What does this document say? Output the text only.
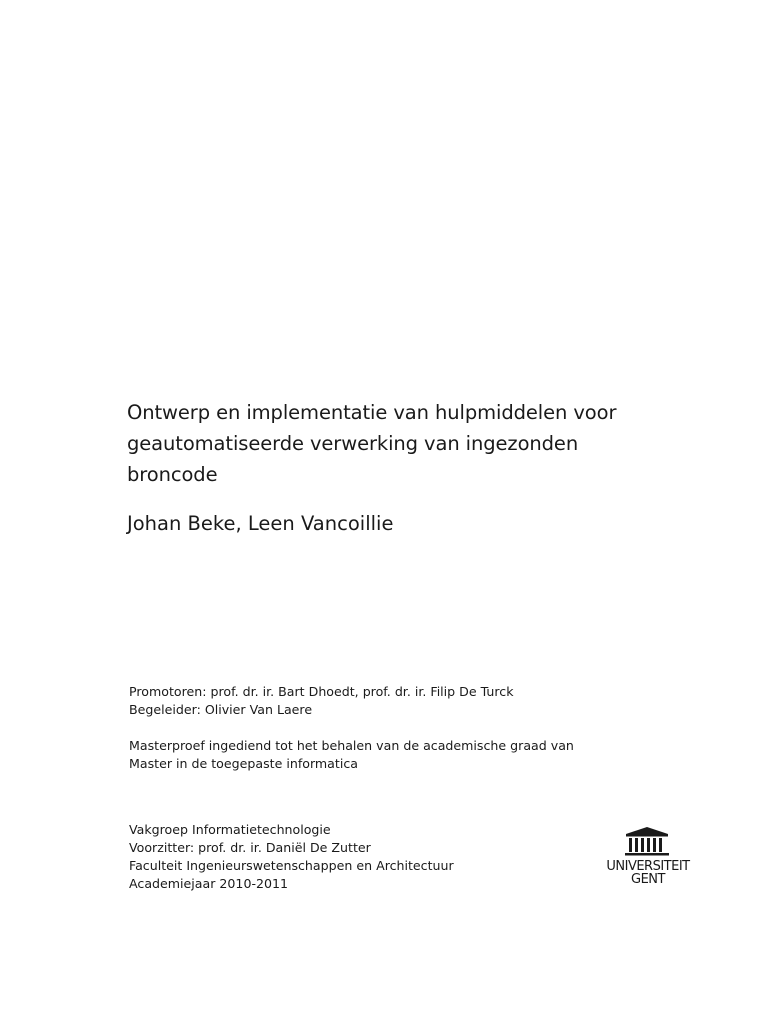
Ontwerp en implementatie van hulpmiddelen voor
geautomatiseerde verwerking van ingezonden
broncode
Johan Beke, Leen Vancoillie
Promotoren: prof. dr. ir. Bart Dhoedt, prof. dr. ir. Filip De Turck
Begeleider: Olivier Van Laere
Masterproef ingediend tot het behalen van de academische graad van
Master in de toegepaste informatica
Vakgroep Informatietechnologie
Voorzitter: prof. dr. ir. Daniël De Zutter
Faculteit Ingenieurswetenschappen en Architectuur
Academiejaar 2010-2011
UNIVERSITEIT
GENT
